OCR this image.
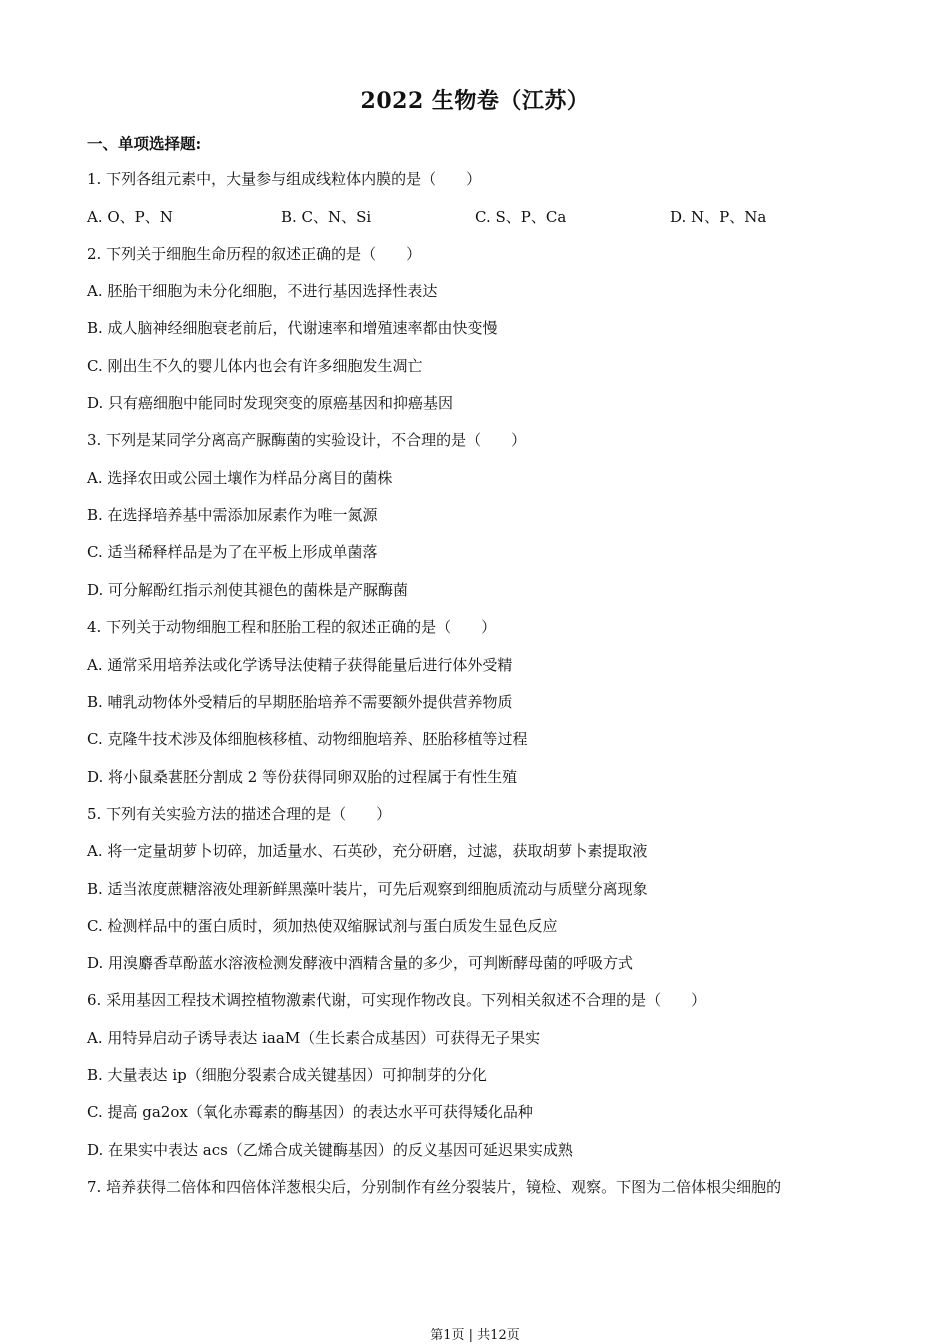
2022 生物卷（江苏）
一、单项选择题:
1. 下列各组元素中，大量参与组成线粒体内膜的是（　　）
A. O、P、N	B. C、N、Si	C. S、P、Ca	D. N、P、Na
2. 下列关于细胞生命历程的叙述正确的是（　　）
A. 胚胎干细胞为未分化细胞，不进行基因选择性表达
B. 成人脑神经细胞衰老前后，代谢速率和增殖速率都由快变慢
C. 刚出生不久的婴儿体内也会有许多细胞发生凋亡
D. 只有癌细胞中能同时发现突变的原癌基因和抑癌基因
3. 下列是某同学分离高产脲酶菌的实验设计，不合理的是（　　）
A. 选择农田或公园土壤作为样品分离目的菌株
B. 在选择培养基中需添加尿素作为唯一氮源
C. 适当稀释样品是为了在平板上形成单菌落
D. 可分解酚红指示剂使其褪色的菌株是产脲酶菌
4. 下列关于动物细胞工程和胚胎工程的叙述正确的是（　　）
A. 通常采用培养法或化学诱导法使精子获得能量后进行体外受精
B. 哺乳动物体外受精后的早期胚胎培养不需要额外提供营养物质
C. 克隆牛技术涉及体细胞核移植、动物细胞培养、胚胎移植等过程
D. 将小鼠桑葚胚分割成 2 等份获得同卵双胎的过程属于有性生殖
5. 下列有关实验方法的描述合理的是（　　）
A. 将一定量胡萝卜切碎，加适量水、石英砂，充分研磨，过滤，获取胡萝卜素提取液
B. 适当浓度蔗糖溶液处理新鲜黑藻叶装片，可先后观察到细胞质流动与质壁分离现象
C. 检测样品中的蛋白质时，须加热使双缩脲试剂与蛋白质发生显色反应
D. 用溴麝香草酚蓝水溶液检测发酵液中酒精含量的多少，可判断酵母菌的呼吸方式
6. 采用基因工程技术调控植物激素代谢，可实现作物改良。下列相关叙述不合理的是（　　）
A. 用特异启动子诱导表达 iaaM（生长素合成基因）可获得无子果实
B. 大量表达 ip（细胞分裂素合成关键基因）可抑制芽的分化
C. 提高 ga2ox（氧化赤霉素的酶基因）的表达水平可获得矮化品种
D. 在果实中表达 acs（乙烯合成关键酶基因）的反义基因可延迟果实成熟
7. 培养获得二倍体和四倍体洋葱根尖后，分别制作有丝分裂装片，镜检、观察。下图为二倍体根尖细胞的
第1页 | 共12页
